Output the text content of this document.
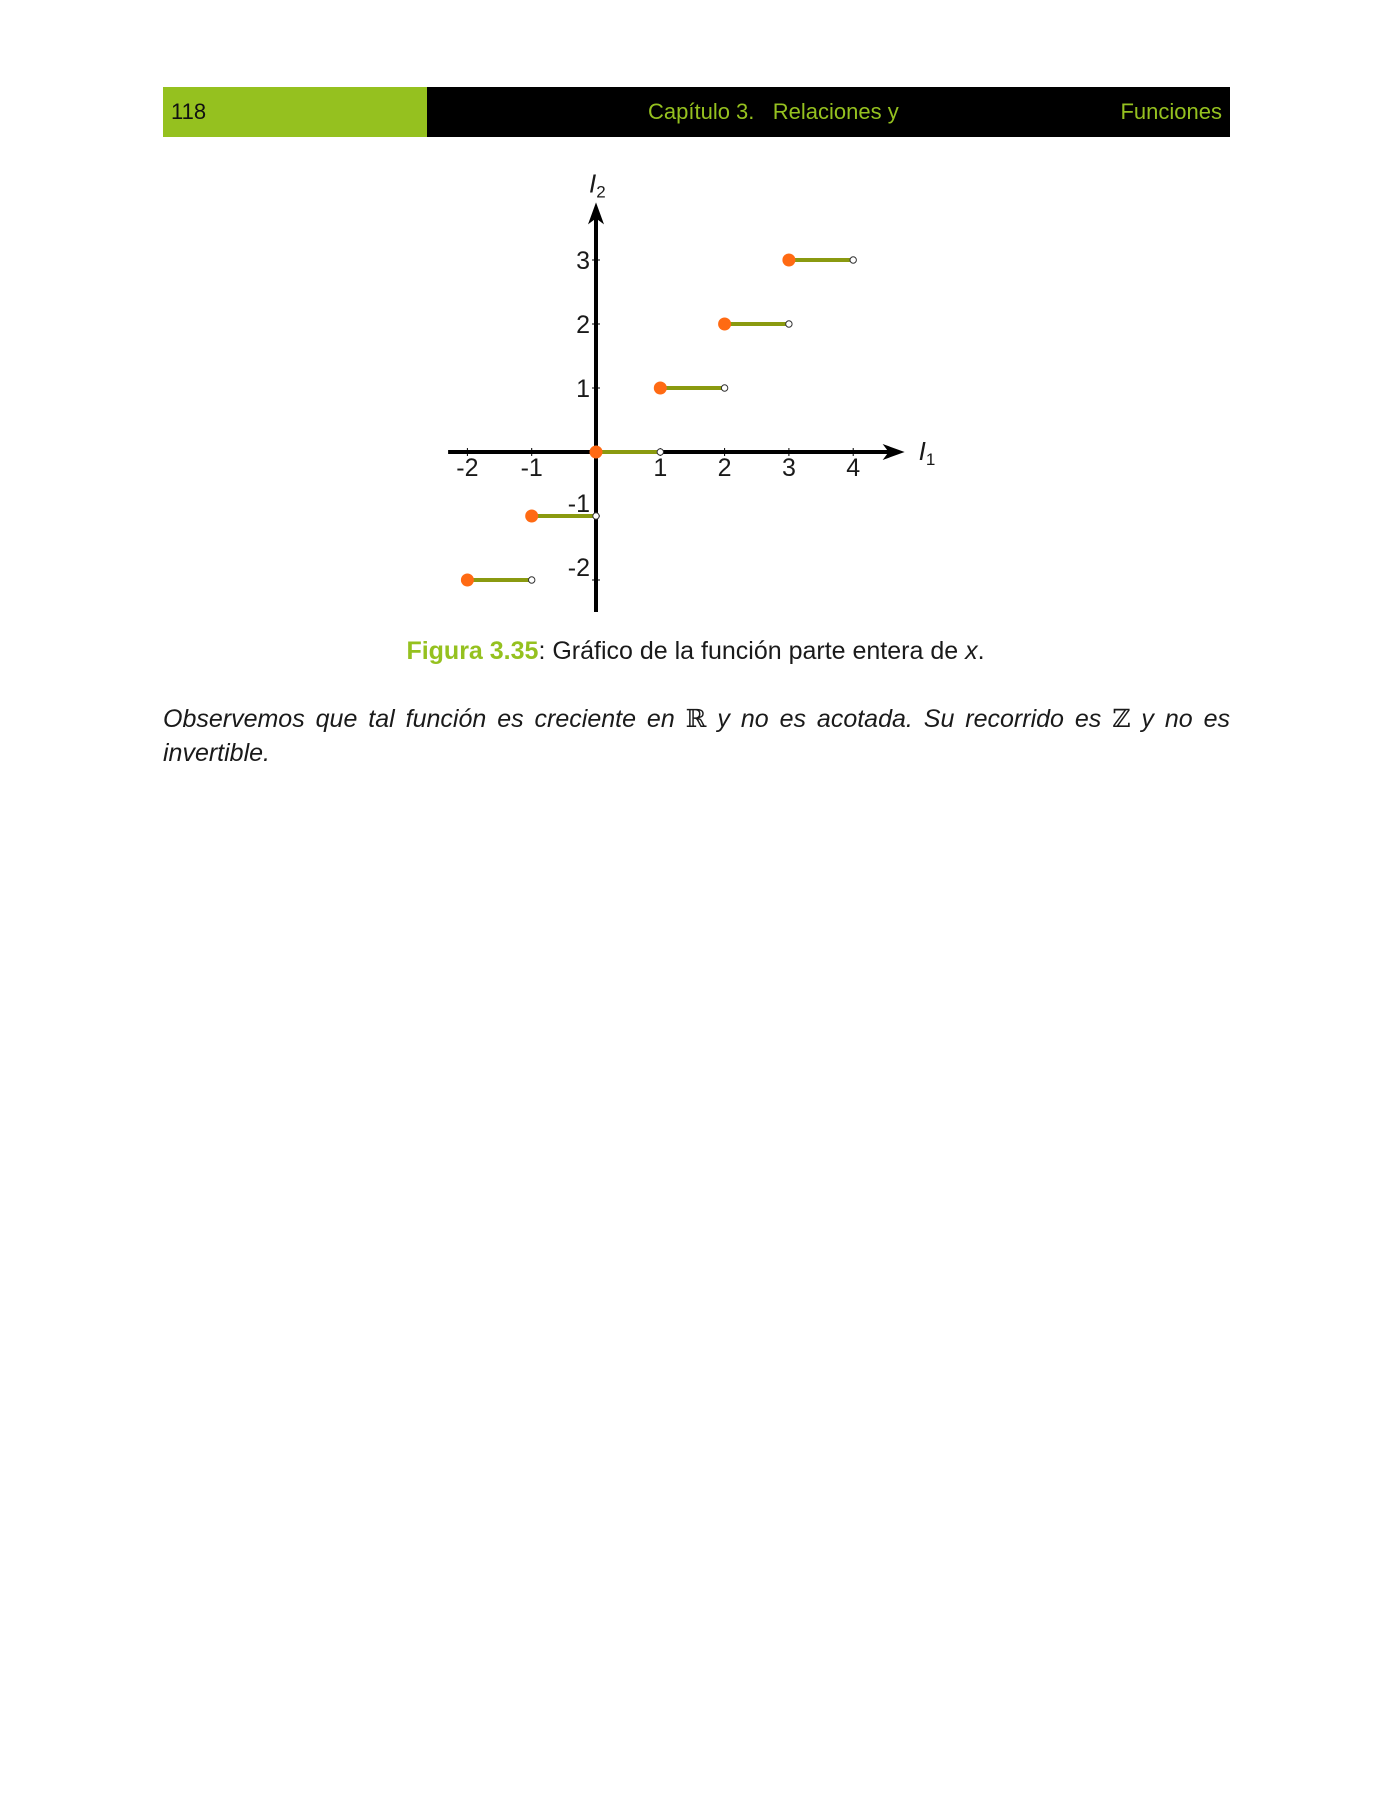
118	Capítulo 3.   Relaciones y	Funciones
-2 -1	1 2 3 4
3
2
1
-1
-2
I1
I2
Figura 3.35: Gráfico de la función parte entera de x.
Observemos que tal función es creciente en ℝ y no es acotada. Su recorrido es ℤ y no es invertible.
